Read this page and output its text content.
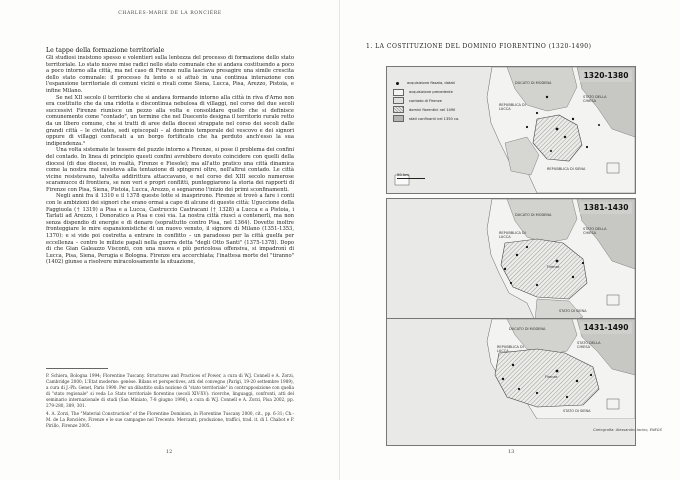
CHARLES-MARIE DE LA RONCIÈRE
Le tappe della formazione territoriale

Gli studiosi insistono spesso e volentieri sulla lentezza del processo di formazione dello stato territoriale. Lo stato nuove mise radici nello stato comunale che si andava costituendo a poco a poco intorno alla città, ma nel caso di Firenze nulla lasciava presagire una simile crescita dello stato comunale: il processo fu lento e si attuò in una continua interazione con l'espansione territoriale di comuni vicini e rivali come Siena, Lucca, Pisa, Arezzo, Pistoia, e infine Milano.

Se nel XII secolo il territorio che si andava formando intorno alla città in riva d'Arno non era costituito che da una ridotta e discontinua nebulosa di villaggi, nel corso del due secoli successivi Firenze riunisce un pezzo alla volta e consolidare quello che si definisce comunemente come "contado", un termine che nel Duecento designa il territorio rurale retto da un libero comune, che si tratti di aree della diocesi strappate nel corso dei secoli dalle grandi città – le civitates, sedi episcopali – al dominio temporale del vescovo e dei signori oppure di villaggi confiscati a un borgo fortificato che ha perduto anch'esso la sua indipendenza.³

Una volta sistemate le tessere del puzzle intorno a Firenze, si pose il problema dei confini del contado. In linea di principio questi confini avrebbero dovuto coincidere con quelli della diocesi (di due diocesi, in realtà, Firenze e Fiesole); ma all'atto pratico una città dinamica come la nostra mal resisteva alla tentazione di spingersi oltre, nell'altrui contado. Le città vicine resistevano, talvolta addirittura attaccavano, e nel corso del XIII secolo numerose scaramucce di frontiera, se non veri e propri conflitti, punteggiarono la storia dei rapporti di Firenze con Pisa, Siena, Pistoia, Lucca, Arezzo, e segnarono l'inizio dei primi sconfinamenti.

Negli anni fra il 1310 e il 1378 queste lotte si inasprirono. Firenze si trovò a fare i conti con le ambizioni dei signori che erano ormai a capo di alcune di queste città: Uguccione della Faggiuola († 1319) a Pisa e a Lucca, Castruccio Castracani († 1328) a Lucca e a Pistoia, i Tarlati ad Arezzo, i Donoratico a Pisa e così via. La nostra città riuscì a contenerli, ma non senza dispendio di energie e di denaro (soprattutto contro Pisa, nel 1364). Dovette inoltre fronteggiare le mire espansionistiche di un nuovo venuto, il signore di Milano (1351-1353, 1370): e si vide poi costretta a entrare in conflitto – un paradosso per la città guelfa per eccellenza – contro le milizie papali nella guerra detta "degli Otto Santi" (1375-1378). Dopo di che Gian Galeazzo Visconti, con una nuova e più pericolosa offensiva, si impadronì di Lucca, Pisa, Siena, Perugia e Bologna. Firenze era accerchiata; l'inattesa morte del "tiranno" (1402) giunse a risolvere miracolosamente la situazione,

P. Schiera, Bologna 1994; Florentine Tuscany. Structures and Practices of Power, a cura di W.J. Connell e A. Zorzi, Cambridge 2000; L'Etat moderne: genèse. Bilans et perspectives, atti del convegno (Parigi, 19-20 settembre 1989), a cura di J.-Ph. Genet, Paris 1990. Per un dibattito sulla nozione di "stato territoriale" in contrapposizione con quella di "stato regionale" si veda Lo Stato territoriale fiorentino (secoli XIV-XV): ricerche, linguaggi, confronti, atti del seminario internazionale di studi (San Miniato, 7-8 giugno 1996), a cura di W.J. Connell e A. Zorzi, Pisa 2002, pp. 279-280, 389, 301.

4. A. Zorzi, The "Material Construction" of the Florentine Dominion, in Florentine Tuscany 2000, cit., pp. 6-31; Ch.-M. de La Roncière, Firenze e le sue campagne nel Trecento. Mercanti, produzione, traffici, trad. it. di I. Chabot e P. Pirillo, Firenze 2005.

12
1. LA COSTITUZIONE DEL DOMINIO FIORENTINO (1320-1490)
1320-1380
acquisizione fissata, datati
acquisizione precedente
contado di Firenze
domini fiorentini nel 1490
stati confinanti nel 1350 ca.
50 km
DUCATO DI MODENA
STATO DELLA CHIESA
REPUBBLICA DI LUCCA
REPUBBLICA DI SIENA
1381-1430
DUCATO DI MODENA
STATO DELLA CHIESA
REPUBBLICA DI LUCCA
Firenze
STATO DI SIENA
1431-1490
DUCATO DI MODENA
STATO DELLA CHIESA
REPUBBLICA DI LUCCA
Firenze
STATO DI SIENA
Cartografia: Alessandro Iacino, ENEGS
13
